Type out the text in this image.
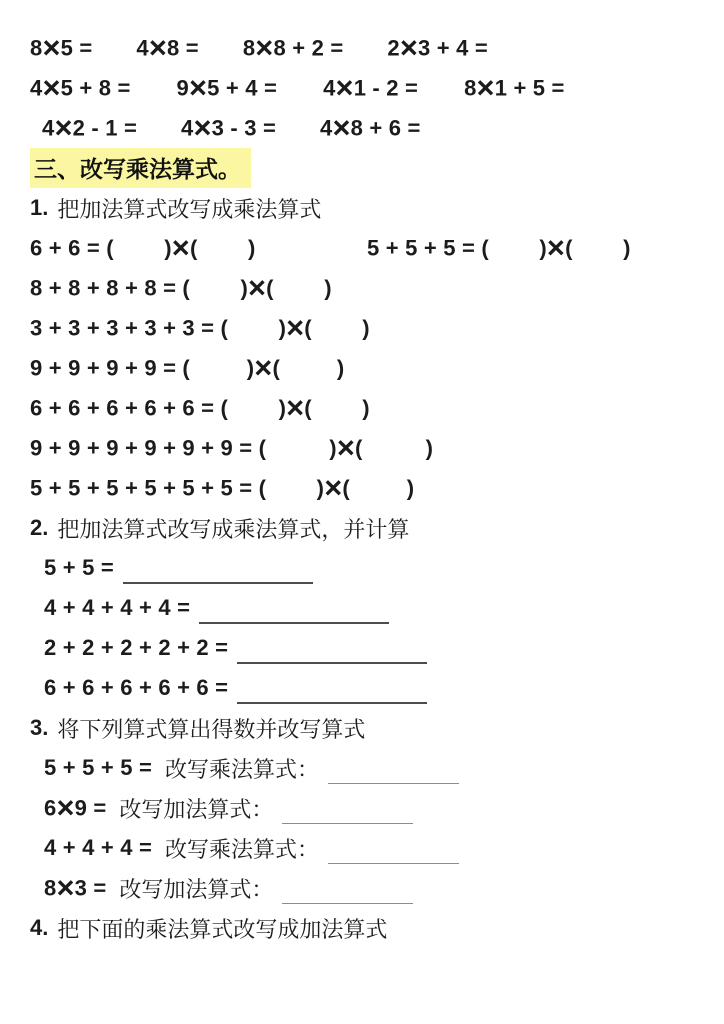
8×5 = 4×8 = 8×8 + 2 = 2×3 + 4 =
4×5 + 8 = 9×5 + 4 = 4×1 - 2 = 8×1 + 5 =
4×2 - 1 = 4×3 - 3 = 4×8 + 6 =
三、改写乘法算式。
1. 把加法算式改写成乘法算式
6 + 6 = (        )×(        )	5 + 5 + 5 = (        )×(        )
8 + 8 + 8 + 8 = (        )×(        )
3 + 3 + 3 + 3 + 3 = (        )×(        )
9 + 9 + 9 + 9 = (         )×(         )
6 + 6 + 6 + 6 + 6 = (        )×(        )
9 + 9 + 9 + 9 + 9 + 9 = (          )×(          )
5 + 5 + 5 + 5 + 5 + 5 = (        )×(         )
2. 把加法算式改写成乘法算式，并计算
5 + 5 =
4 + 4 + 4 + 4 =
2 + 2 + 2 + 2 + 2 =
6 + 6 + 6 + 6 + 6 =
3. 将下列算式算出得数并改写算式
5 + 5 + 5 = 改写乘法算式：
6×9 = 改写加法算式：
4 + 4 + 4 = 改写乘法算式：
8×3 = 改写加法算式：
4. 把下面的乘法算式改写成加法算式
